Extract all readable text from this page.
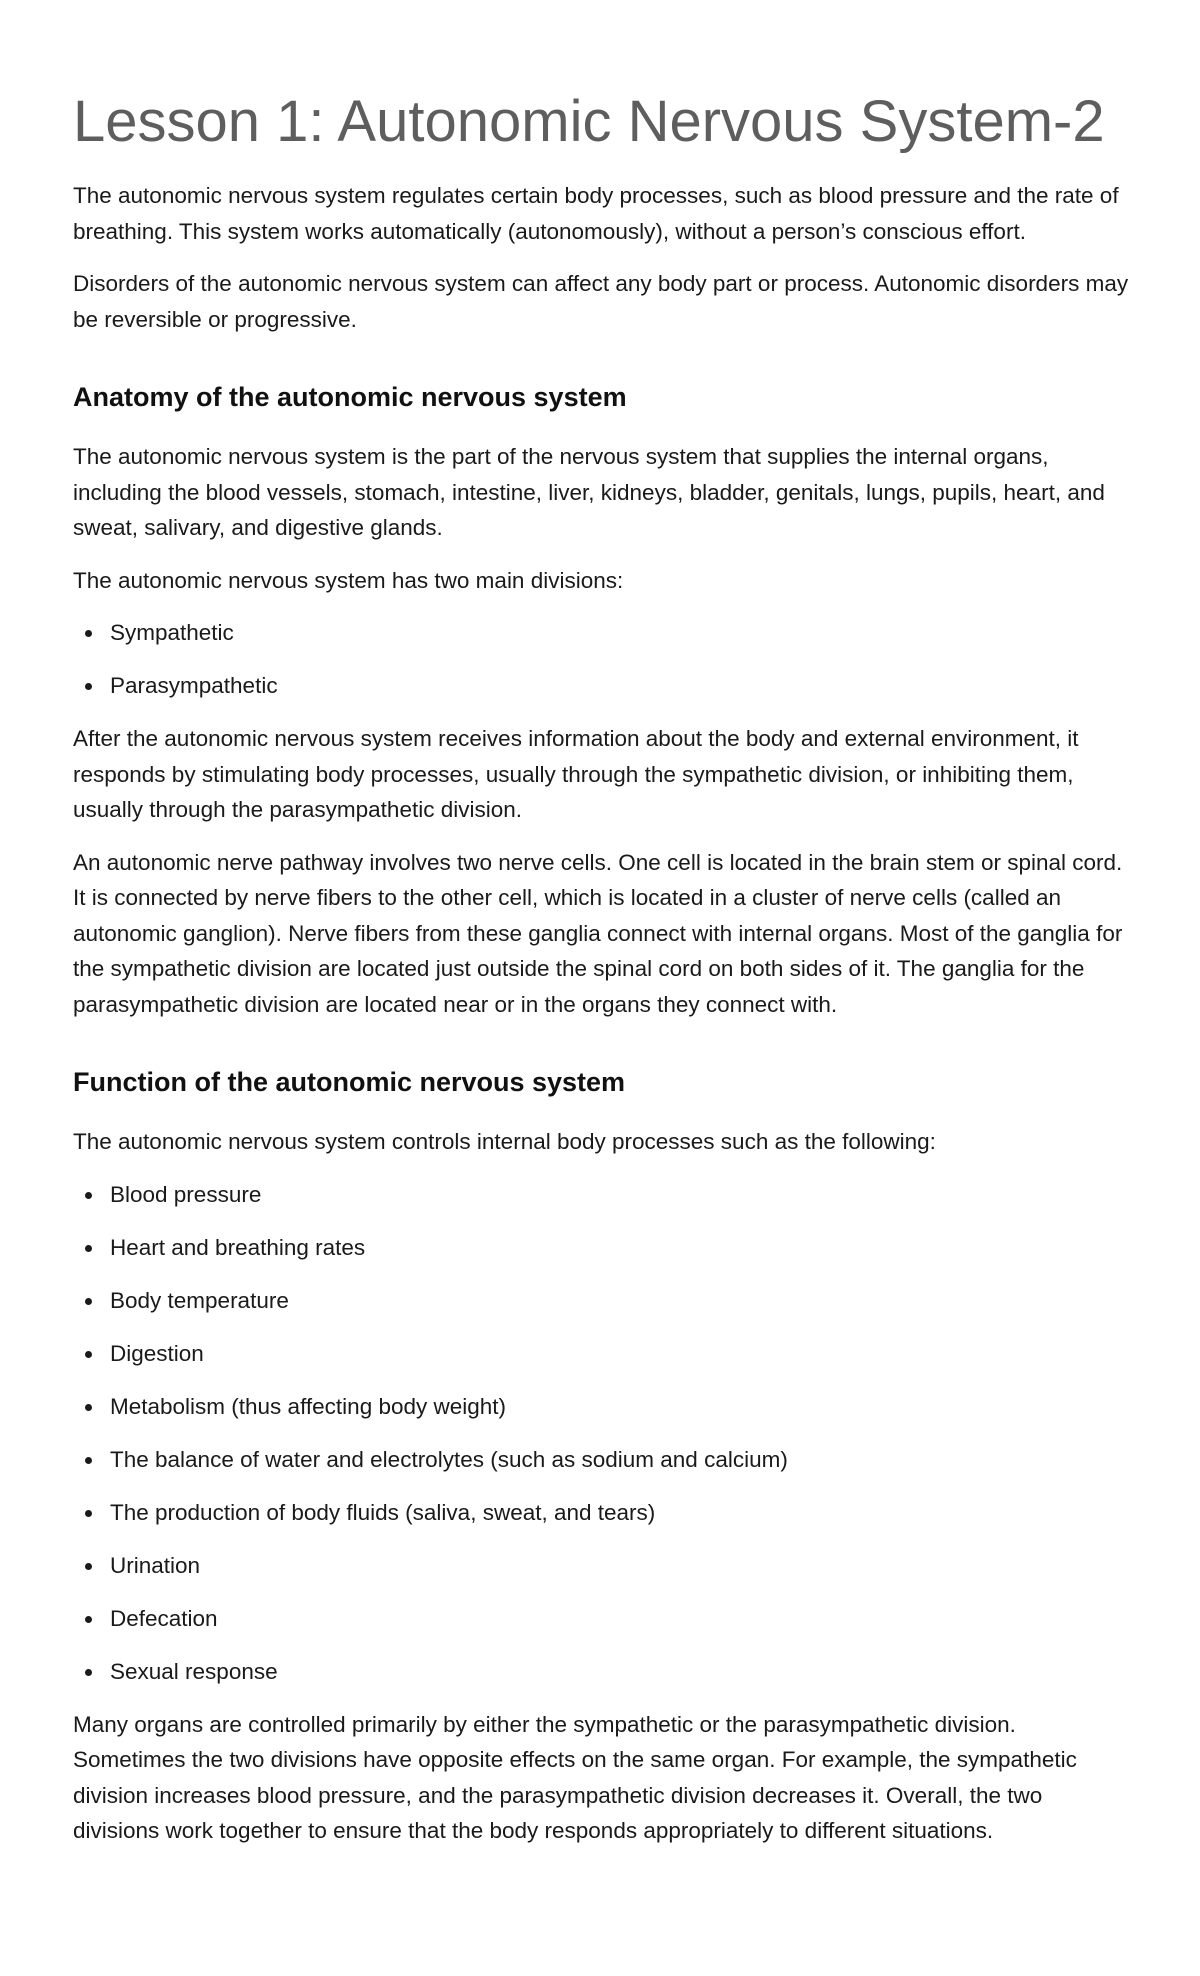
Lesson 1: Autonomic Nervous System-2

The autonomic nervous system regulates certain body processes, such as blood pressure and the rate of breathing. This system works automatically (autonomously), without a person’s conscious effort.

Disorders of the autonomic nervous system can affect any body part or process. Autonomic disorders may be reversible or progressive.

Anatomy of the autonomic nervous system

The autonomic nervous system is the part of the nervous system that supplies the internal organs, including the blood vessels, stomach, intestine, liver, kidneys, bladder, genitals, lungs, pupils, heart, and sweat, salivary, and digestive glands.

The autonomic nervous system has two main divisions:

Sympathetic
Parasympathetic

After the autonomic nervous system receives information about the body and external environment, it responds by stimulating body processes, usually through the sympathetic division, or inhibiting them, usually through the parasympathetic division.

An autonomic nerve pathway involves two nerve cells. One cell is located in the brain stem or spinal cord. It is connected by nerve fibers to the other cell, which is located in a cluster of nerve cells (called an autonomic ganglion). Nerve fibers from these ganglia connect with internal organs. Most of the ganglia for the sympathetic division are located just outside the spinal cord on both sides of it. The ganglia for the parasympathetic division are located near or in the organs they connect with.

Function of the autonomic nervous system

The autonomic nervous system controls internal body processes such as the following:

Blood pressure
Heart and breathing rates
Body temperature
Digestion
Metabolism (thus affecting body weight)
The balance of water and electrolytes (such as sodium and calcium)
The production of body fluids (saliva, sweat, and tears)
Urination
Defecation
Sexual response

Many organs are controlled primarily by either the sympathetic or the parasympathetic division. Sometimes the two divisions have opposite effects on the same organ. For example, the sympathetic division increases blood pressure, and the parasympathetic division decreases it. Overall, the two divisions work together to ensure that the body responds appropriately to different situations.
